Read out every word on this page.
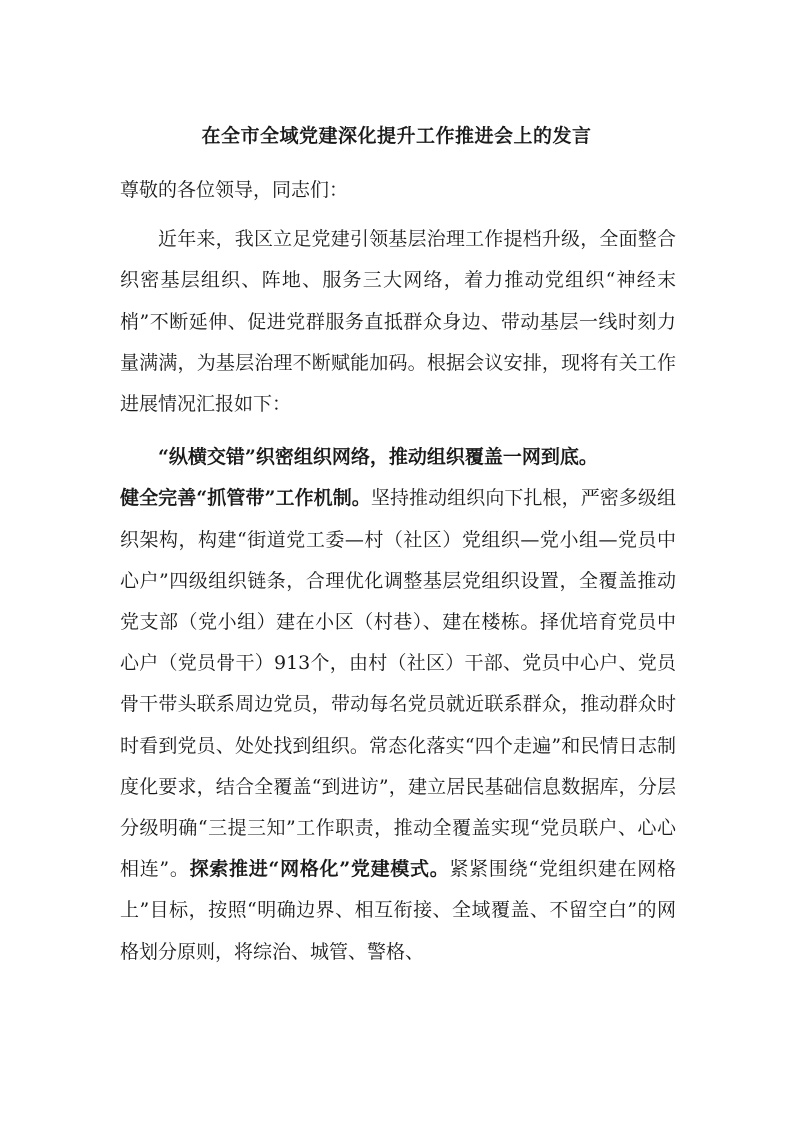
在全市全域党建深化提升工作推进会上的发言

尊敬的各位领导，同志们：

近年来，我区立足党建引领基层治理工作提档升级，全面整合织密基层组织、阵地、服务三大网络，着力推动党组织“神经末梢”不断延伸、促进党群服务直抵群众身边、带动基层一线时刻力量满满，为基层治理不断赋能加码。根据会议安排，现将有关工作进展情况汇报如下：

“纵横交错”织密组织网络，推动组织覆盖一网到底。

健全完善“抓管带”工作机制。坚持推动组织向下扎根，严密多级组织架构，构建“街道党工委—村（社区）党组织—党小组—党员中心户”四级组织链条，合理优化调整基层党组织设置，全覆盖推动党支部（党小组）建在小区（村巷）、建在楼栋。择优培育党员中心户（党员骨干）913个，由村（社区）干部、党员中心户、党员骨干带头联系周边党员，带动每名党员就近联系群众，推动群众时时看到党员、处处找到组织。常态化落实“四个走遍”和民情日志制度化要求，结合全覆盖“到进访”，建立居民基础信息数据库，分层分级明确“三提三知”工作职责，推动全覆盖实现“党员联户、心心相连”。探索推进“网格化”党建模式。紧紧围绕“党组织建在网格上”目标，按照“明确边界、相互衔接、全域覆盖、不留空白”的网格划分原则，将综治、城管、警格、
